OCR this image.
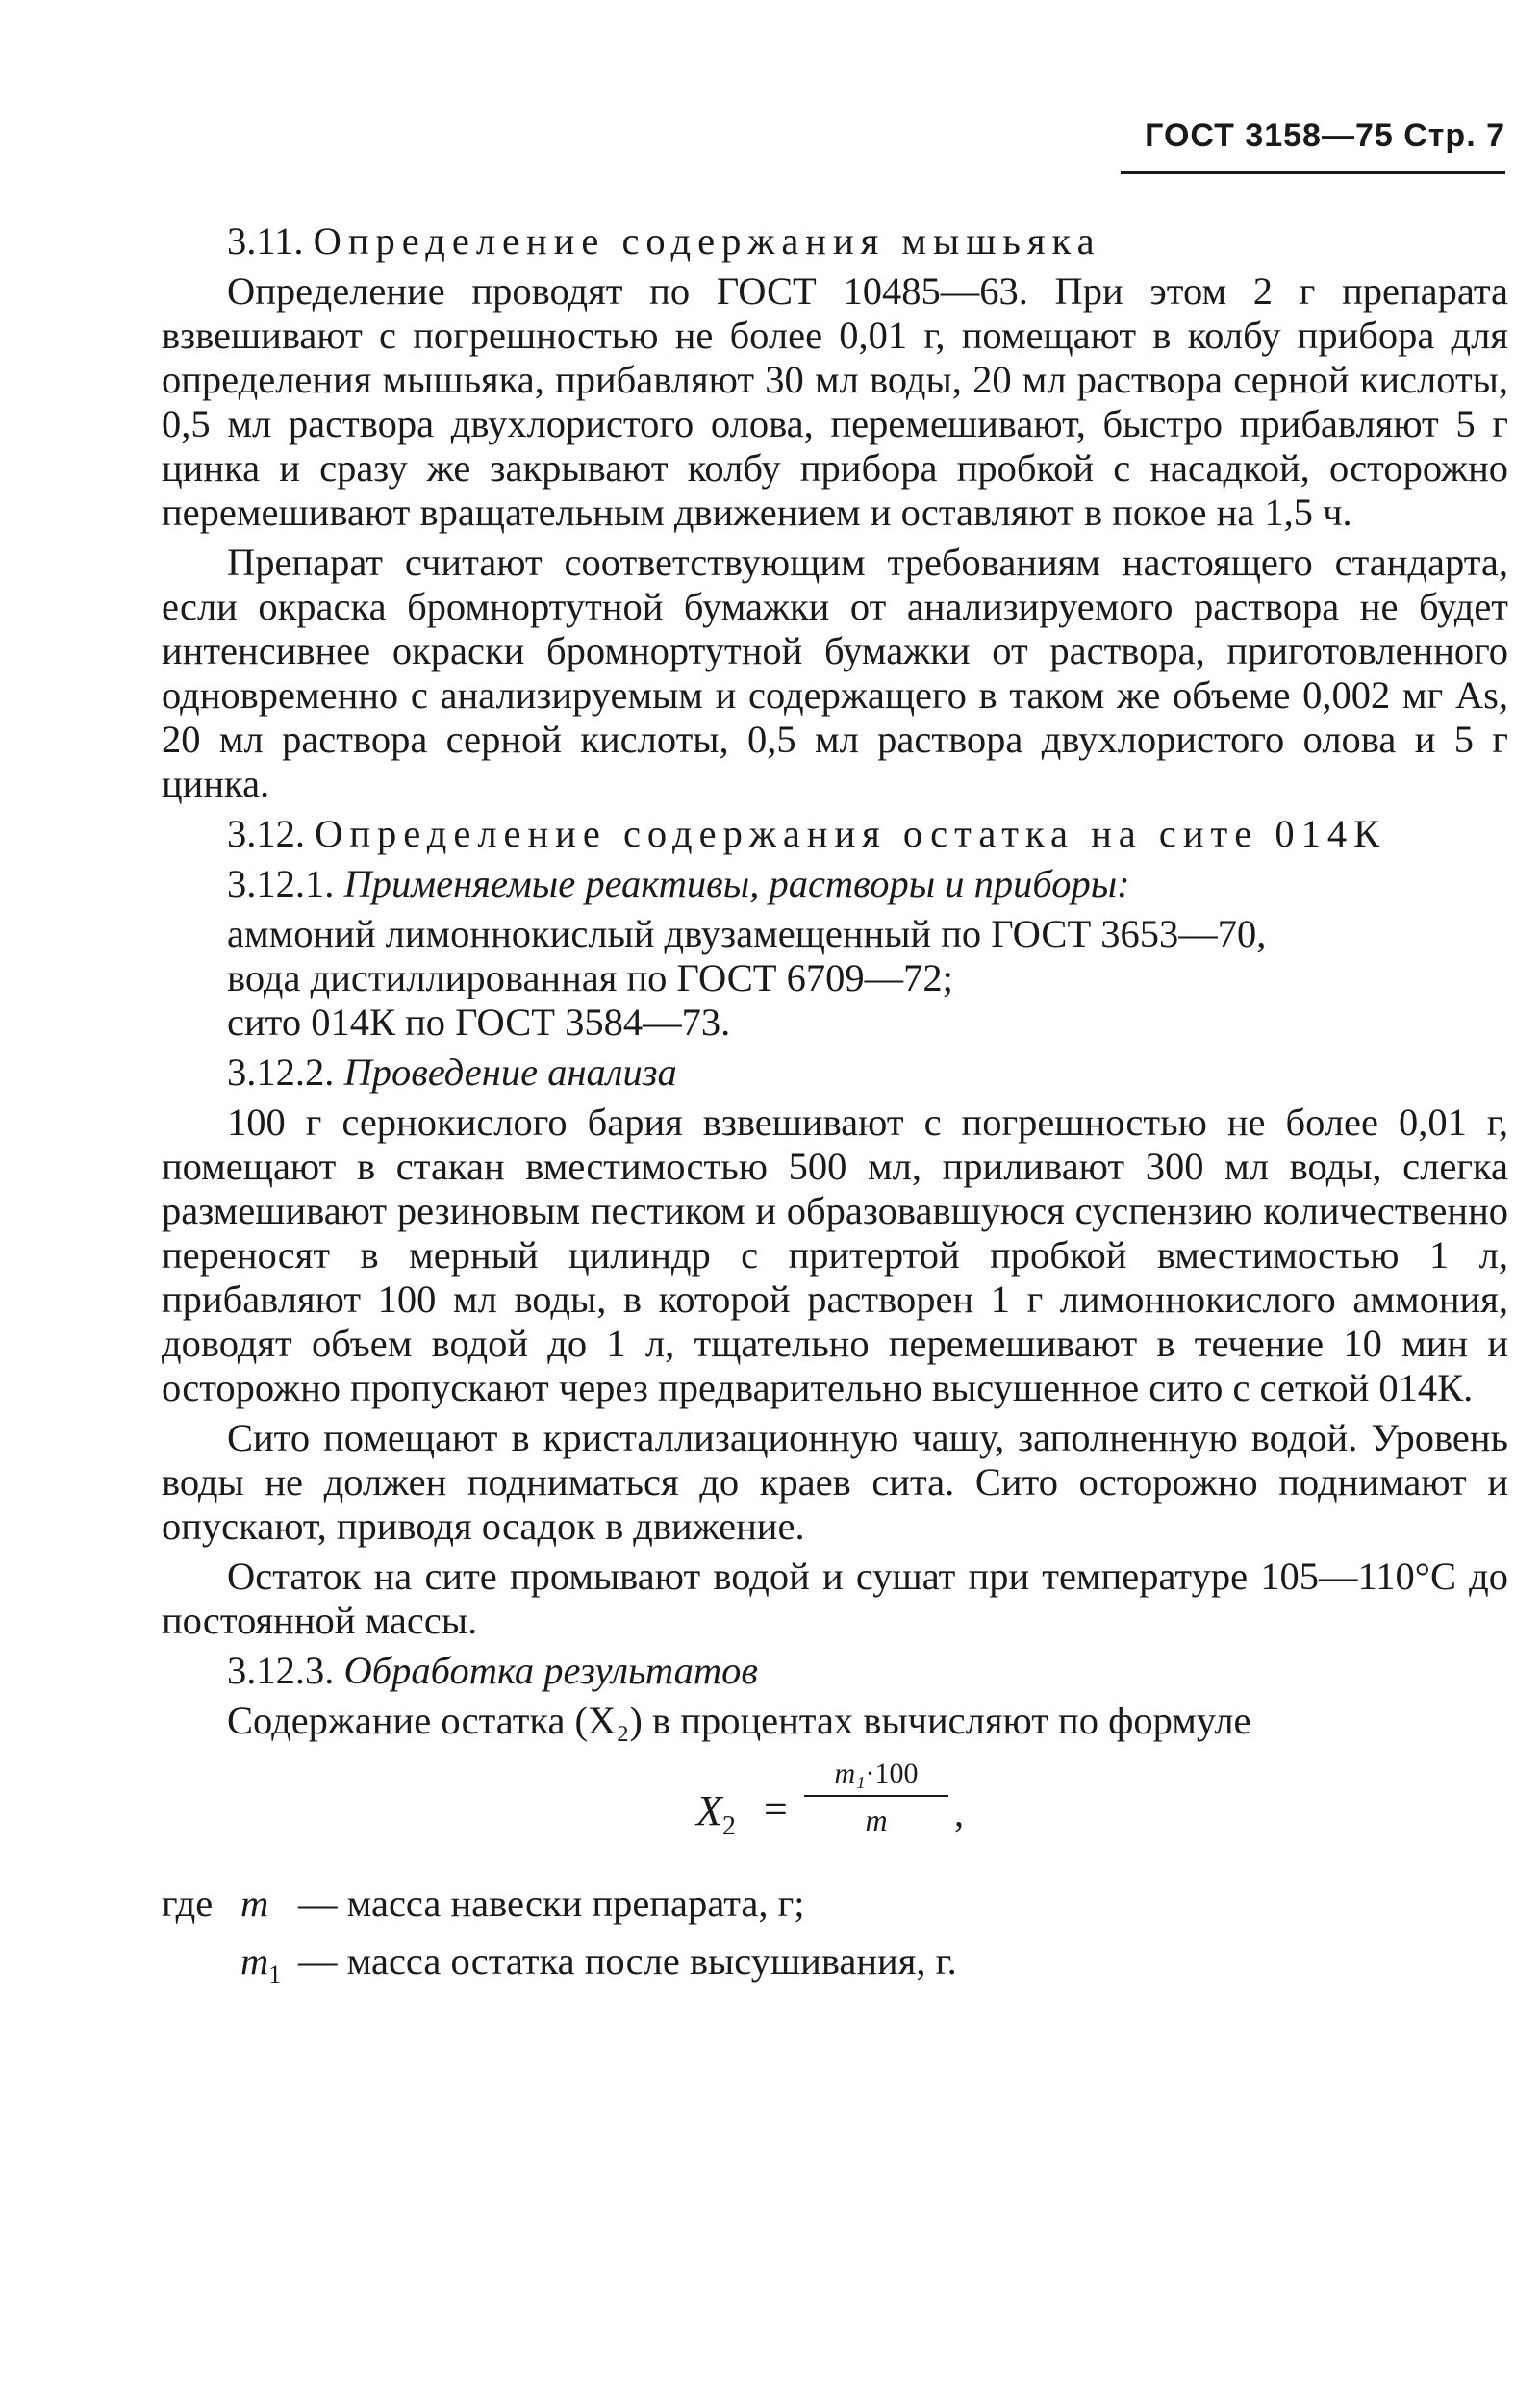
ГОСТ 3158—75 Стр. 7

3.11. Определение содержания мышьяка

Определение проводят по ГОСТ 10485—63. При этом 2 г препарата взвешивают с погрешностью не более 0,01 г, помещают в колбу прибора для определения мышьяка, прибавляют 30 мл воды, 20 мл раствора серной кислоты, 0,5 мл раствора двухлористого олова, перемешивают, быстро прибавляют 5 г цинка и сразу же закрывают колбу прибора пробкой с насадкой, осторожно перемешивают вращательным движением и оставляют в покое на 1,5 ч.

Препарат считают соответствующим требованиям настоящего стандарта, если окраска бромнортутной бумажки от анализируемого раствора не будет интенсивнее окраски бромнортутной бумажки от раствора, приготовленного одновременно с анализируемым и содержащего в таком же объеме 0,002 мг As, 20 мл раствора серной кислоты, 0,5 мл раствора двухлористого олова и 5 г цинка.

3.12. Определение содержания остатка на сите 014К

3.12.1. Применяемые реактивы, растворы и приборы:

аммоний лимоннокислый двузамещенный по ГОСТ 3653—70,
вода дистиллированная по ГОСТ 6709—72;
сито 014К по ГОСТ 3584—73.

3.12.2. Проведение анализа

100 г сернокислого бария взвешивают с погрешностью не более 0,01 г, помещают в стакан вместимостью 500 мл, приливают 300 мл воды, слегка размешивают резиновым пестиком и образовавшуюся суспензию количественно переносят в мерный цилиндр с притертой пробкой вместимостью 1 л, прибавляют 100 мл воды, в которой растворен 1 г лимоннокислого аммония, доводят объем водой до 1 л, тщательно перемешивают в течение 10 мин и осторожно пропускают через предварительно высушенное сито с сеткой 014К.

Сито помещают в кристаллизационную чашу, заполненную водой. Уровень воды не должен подниматься до краев сита. Сито осторожно поднимают и опускают, приводя осадок в движение.

Остаток на сите промывают водой и сушат при температуре 105—110°С до постоянной массы.

3.12.3. Обработка результатов

Содержание остатка (X₂) в процентах вычисляют по формуле

$X_2$ =
m₁·100
m	,
где m — масса навески препарата, г;
$m_1$ — масса остатка после высушивания, г.
